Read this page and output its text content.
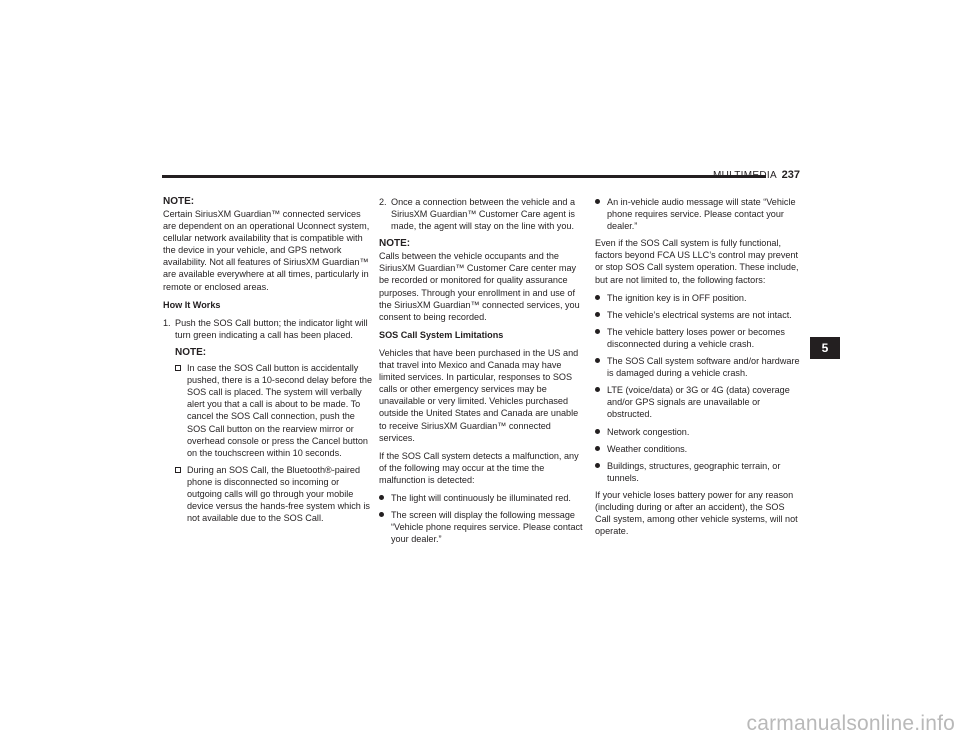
MULTIMEDIA 237
5
NOTE:

Certain SiriusXM Guardian™ connected services are dependent on an operational Uconnect system, cellular network availability that is compatible with the device in your vehicle, and GPS network availability. Not all features of SiriusXM Guardian™ are available everywhere at all times, particularly in remote or enclosed areas.

How It Works

1. Push the SOS Call button; the indicator light will turn green indicating a call has been placed.
NOTE:
In case the SOS Call button is accidentally pushed, there is a 10-second delay before the SOS call is placed. The system will verbally alert you that a call is about to be made. To cancel the SOS Call connection, push the SOS Call button on the rearview mirror or overhead console or press the Cancel button on the touchscreen within 10 seconds.
During an SOS Call, the Bluetooth®-paired phone is disconnected so incoming or outgoing calls will go through your mobile device versus the hands-free system which is not available due to the SOS Call.
2. Once a connection between the vehicle and a SiriusXM Guardian™ Customer Care agent is made, the agent will stay on the line with you.
NOTE:

Calls between the vehicle occupants and the SiriusXM Guardian™ Customer Care center may be recorded or monitored for quality assurance purposes. Through your enrollment in and use of the SiriusXM Guardian™ connected services, you consent to being recorded.

SOS Call System Limitations

Vehicles that have been purchased in the US and that travel into Mexico and Canada may have limited services. In particular, responses to SOS calls or other emergency services may be unavailable or very limited. Vehicles purchased outside the United States and Canada are unable to receive SiriusXM Guardian™ connected services.

If the SOS Call system detects a malfunction, any of the following may occur at the time the malfunction is detected:

The light will continuously be illuminated red.
The screen will display the following message “Vehicle phone requires service. Please contact your dealer.”
An in-vehicle audio message will state “Vehicle phone requires service. Please contact your dealer.”

Even if the SOS Call system is fully functional, factors beyond FCA US LLC’s control may prevent or stop SOS Call system operation. These include, but are not limited to, the following factors:

The ignition key is in OFF position.
The vehicle’s electrical systems are not intact.
The vehicle battery loses power or becomes disconnected during a vehicle crash.
The SOS Call system software and/or hardware is damaged during a vehicle crash.
LTE (voice/data) or 3G or 4G (data) coverage and/or GPS signals are unavailable or obstructed.
Network congestion.
Weather conditions.
Buildings, structures, geographic terrain, or tunnels.

If your vehicle loses battery power for any reason (including during or after an accident), the SOS Call system, among other vehicle systems, will not operate.

carmanualsonline.info
